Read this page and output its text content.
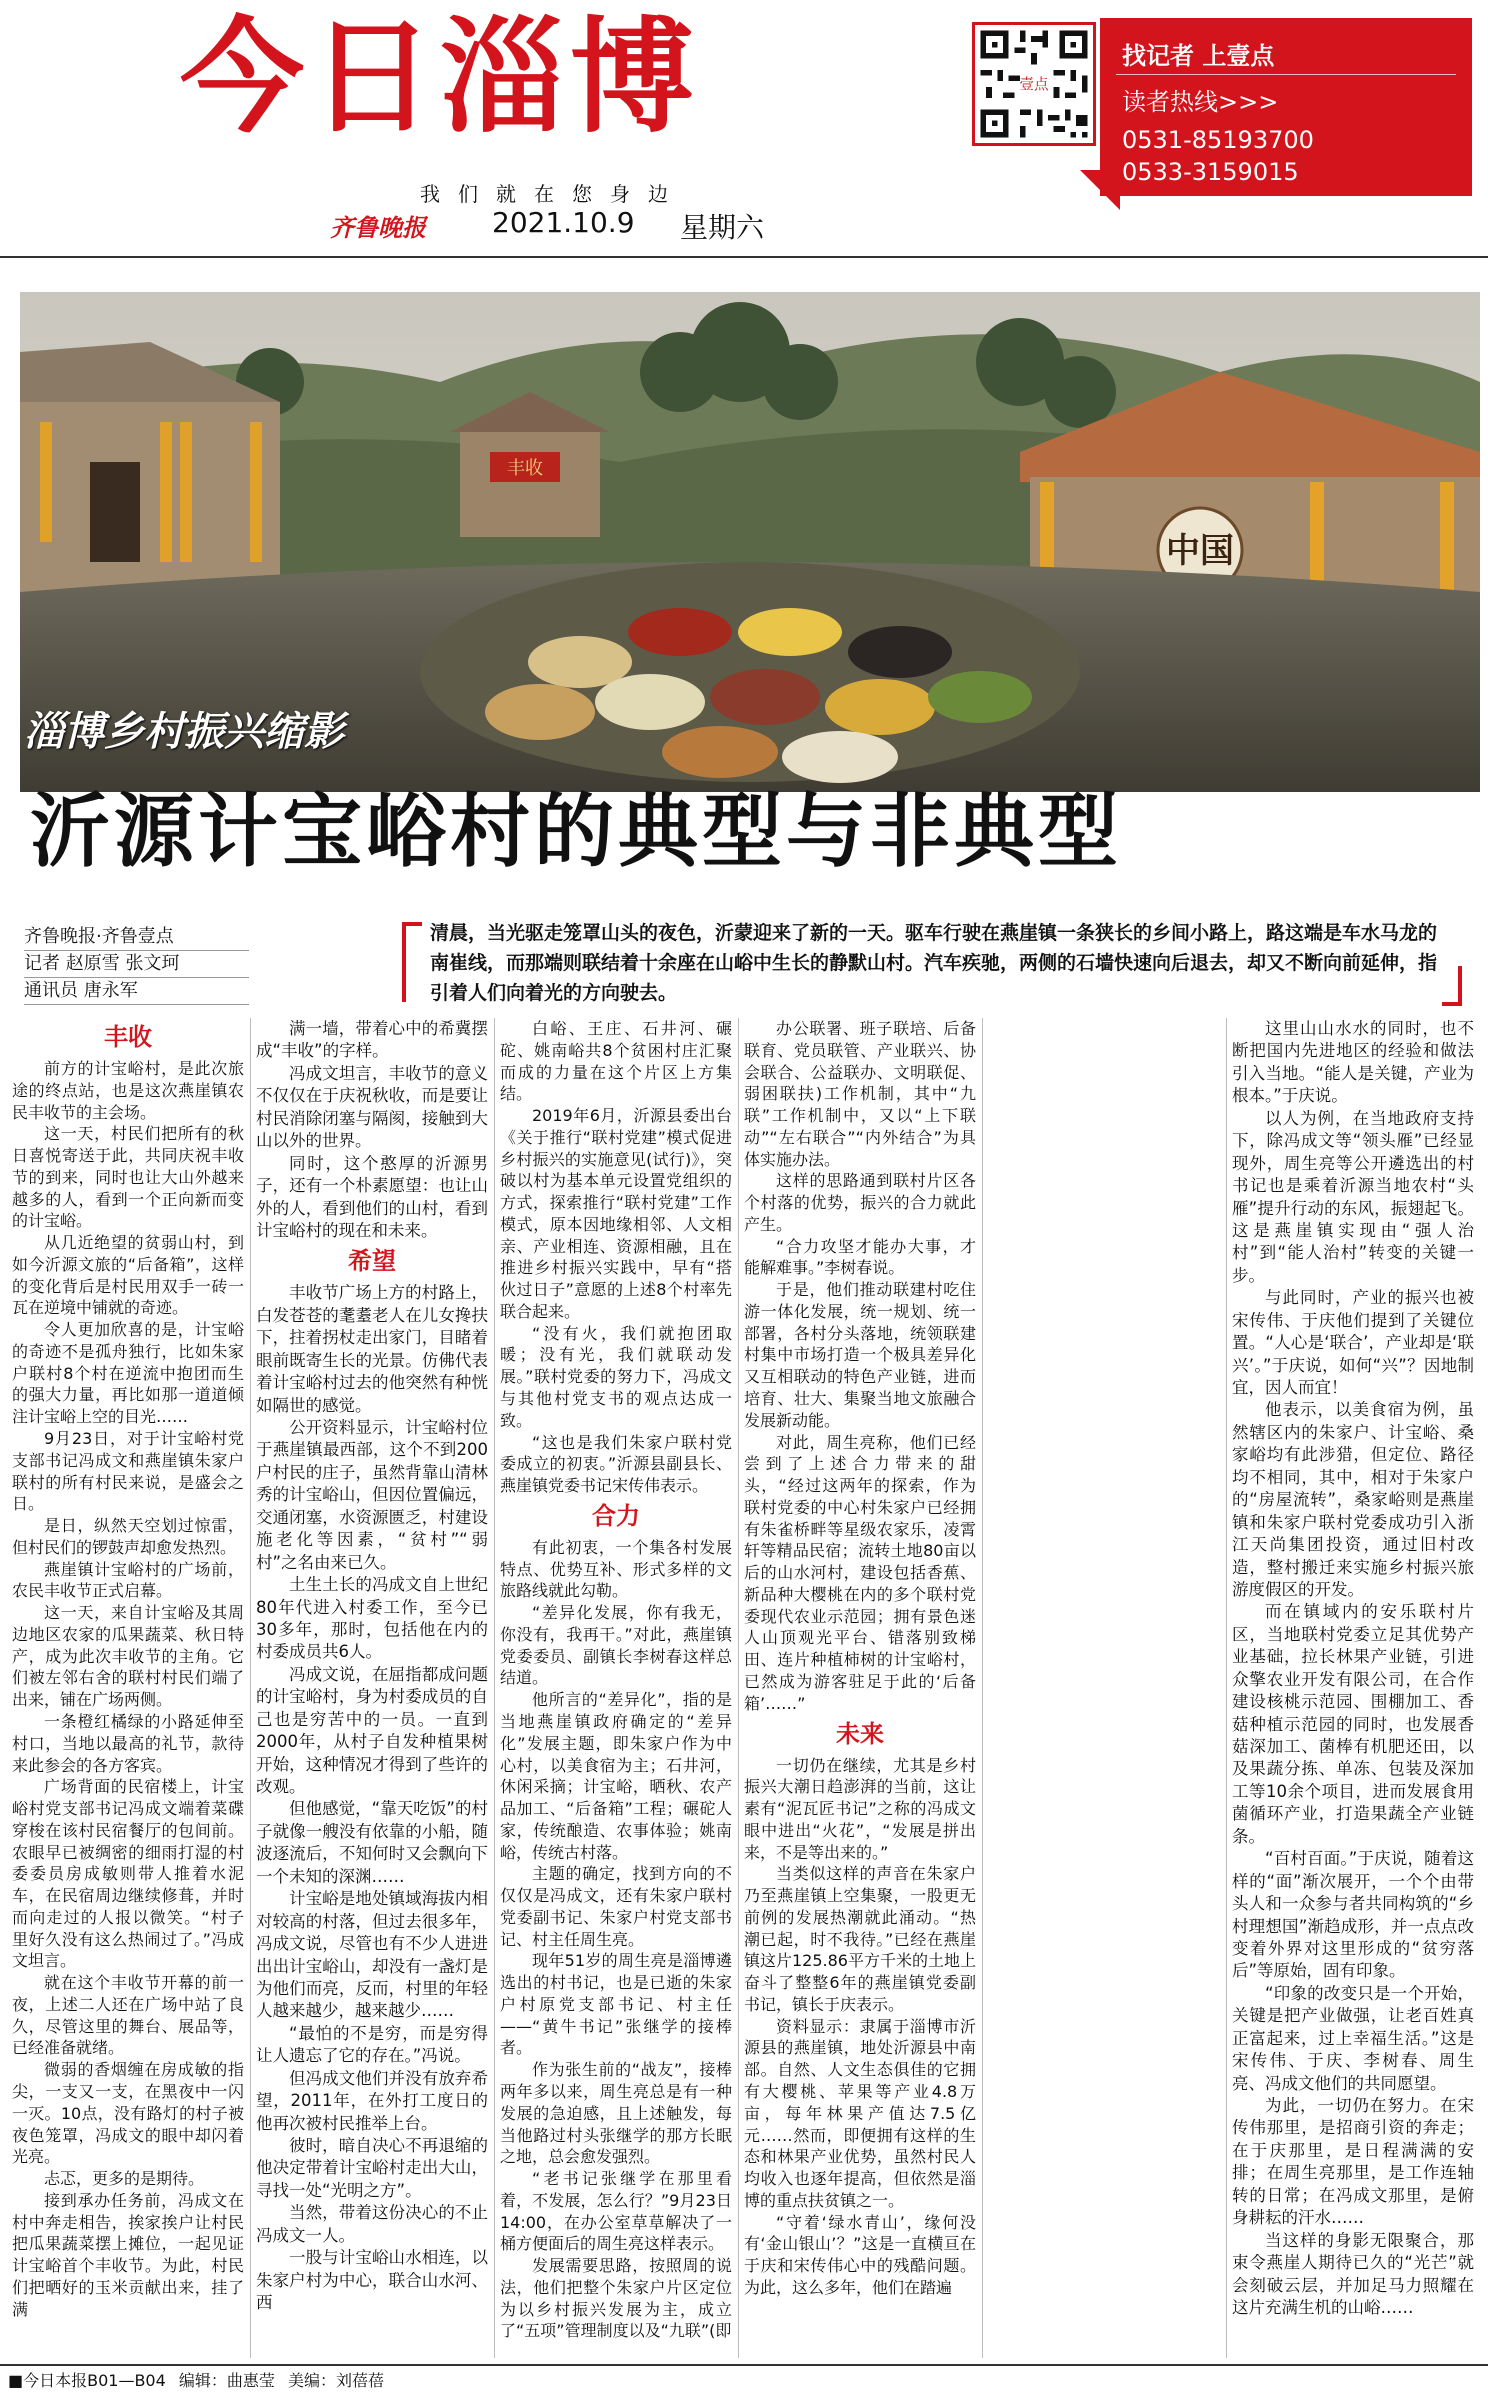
今日淄博
我们就在您身边
齐鲁晚报 2021.10.9 星期六
壹点
找记者 上壹点
读者热线>>>
0531-85193700
0533-3159015
中国
丰收
淄博乡村振兴缩影
沂源计宝峪村的典型与非典型
齐鲁晚报·齐鲁壹点
记者 赵原雪 张文珂
通讯员 唐永军

清晨，当光驱走笼罩山头的夜色，沂蒙迎来了新的一天。驱车行驶在燕崖镇一条狭长的乡间小路上，路这端是车水马龙的南崔线，而那端则联结着十余座在山峪中生长的静默山村。汽车疾驰，两侧的石墙快速向后退去，却又不断向前延伸，指引着人们向着光的方向驶去。

丰收

前方的计宝峪村，是此次旅途的终点站，也是这次燕崖镇农民丰收节的主会场。

这一天，村民们把所有的秋日喜悦寄送于此，共同庆祝丰收节的到来，同时也让大山外越来越多的人，看到一个正向新而变的计宝峪。

从几近绝望的贫弱山村，到如今沂源文旅的“后备箱”，这样的变化背后是村民用双手一砖一瓦在逆境中铺就的奇迹。

令人更加欣喜的是，计宝峪的奇迹不是孤舟独行，比如朱家户联村8个村在逆流中抱团而生的强大力量，再比如那一道道倾注计宝峪上空的目光……

9月23日，对于计宝峪村党支部书记冯成文和燕崖镇朱家户联村的所有村民来说，是盛会之日。

是日，纵然天空划过惊雷，但村民们的锣鼓声却愈发热烈。

燕崖镇计宝峪村的广场前，农民丰收节正式启幕。

这一天，来自计宝峪及其周边地区农家的瓜果蔬菜、秋日特产，成为此次丰收节的主角。它们被左邻右舍的联村村民们端了出来，铺在广场两侧。

一条橙红橘绿的小路延伸至村口，当地以最高的礼节，款待来此参会的各方客宾。

广场背面的民宿楼上，计宝峪村党支部书记冯成文端着菜碟穿梭在该村民宿餐厅的包间前。农眼早已被绸密的细雨打湿的村委委员房成敏则带人推着水泥车，在民宿周边继续修葺，并时而向走过的人报以微笑。“村子里好久没有这么热闹过了。”冯成文坦言。

就在这个丰收节开幕的前一夜，上述二人还在广场中站了良久，尽管这里的舞台、展品等，已经准备就绪。

微弱的香烟缠在房成敏的指尖，一支又一支，在黑夜中一闪一灭。10点，没有路灯的村子被夜色笼罩，冯成文的眼中却闪着光亮。

忐忑，更多的是期待。

接到承办任务前，冯成文在村中奔走相告，挨家挨户让村民把瓜果蔬菜摆上摊位，一起见证计宝峪首个丰收节。为此，村民们把晒好的玉米贡献出来，挂了满

满一墙，带着心中的希冀摆成“丰收”的字样。

冯成文坦言，丰收节的意义不仅仅在于庆祝秋收，而是要让村民消除闭塞与隔阂，接触到大山以外的世界。

同时，这个憨厚的沂源男子，还有一个朴素愿望：也让山外的人，看到他们的山村，看到计宝峪村的现在和未来。

希望

丰收节广场上方的村路上，白发苍苍的耄耋老人在儿女搀扶下，拄着拐杖走出家门，目睹着眼前既寄生长的光景。仿佛代表着计宝峪村过去的他突然有种恍如隔世的感觉。

公开资料显示，计宝峪村位于燕崖镇最西部，这个不到200户村民的庄子，虽然背靠山清林秀的计宝峪山，但因位置偏远，交通闭塞，水资源匮乏，村建设施老化等因素，“贫村”“弱村”之名由来已久。

土生土长的冯成文自上世纪80年代进入村委工作，至今已30多年，那时，包括他在内的村委成员共6人。

冯成文说，在屈指都成问题的计宝峪村，身为村委成员的自己也是穷苦中的一员。一直到2000年，从村子自发种植果树开始，这种情况才得到了些许的改观。

但他感觉，“靠天吃饭”的村子就像一艘没有依靠的小船，随波逐流后，不知何时又会飘向下一个未知的深渊……

计宝峪是地处镇域海拔内相对较高的村落，但过去很多年，冯成文说，尽管也有不少人进进出出计宝峪山，却没有一盏灯是为他们而亮，反而，村里的年轻人越来越少，越来越少……

“最怕的不是穷，而是穷得让人遗忘了它的存在。”冯说。

但冯成文他们并没有放弃希望，2011年，在外打工度日的他再次被村民推举上台。

彼时，暗自决心不再退缩的他决定带着计宝峪村走出大山，寻找一处“光明之方”。

当然，带着这份决心的不止冯成文一人。

一股与计宝峪山水相连，以朱家户村为中心，联合山水河、西

白峪、王庄、石井河、碾砣、姚南峪共8个贫困村庄汇聚而成的力量在这个片区上方集结。

2019年6月，沂源县委出台《关于推行“联村党建”模式促进乡村振兴的实施意见(试行)》，突破以村为基本单元设置党组织的方式，探索推行“联村党建”工作模式，原本因地缘相邻、人文相亲、产业相连、资源相融，且在推进乡村振兴实践中，早有“搭伙过日子”意愿的上述8个村率先联合起来。

“没有火，我们就抱团取暖；没有光，我们就联动发展。”联村党委的努力下，冯成文与其他村党支书的观点达成一致。

“这也是我们朱家户联村党委成立的初衷。”沂源县副县长、燕崖镇党委书记宋传伟表示。

合力

有此初衷，一个集各村发展特点、优势互补、形式多样的文旅路线就此勾勒。

“差异化发展，你有我无，你没有，我再干。”对此，燕崖镇党委委员、副镇长李树春这样总结道。

他所言的“差异化”，指的是当地燕崖镇政府确定的“差异化”发展主题，即朱家户作为中心村，以美食宿为主；石井河，休闲采摘；计宝峪，晒秋、农产品加工、“后备箱”工程；碾砣人家，传统酿造、农事体验；姚南峪，传统古村落。

主题的确定，找到方向的不仅仅是冯成文，还有朱家户联村党委副书记、朱家户村党支部书记、村主任周生亮。

现年51岁的周生亮是淄博遴选出的村书记，也是已逝的朱家户村原党支部书记、村主任——“黄牛书记”张继学的接棒者。

作为张生前的“战友”，接棒两年多以来，周生亮总是有一种发展的急迫感，且上述触发，每当他路过村头张继学的那方长眠之地，总会愈发强烈。

“老书记张继学在那里看着，不发展，怎么行？”9月23日14:00，在办公室草草解决了一桶方便面后的周生亮这样表示。

发展需要思路，按照周的说法，他们把整个朱家户片区定位为以乡村振兴发展为主，成立了“五项”管理制度以及“九联”(即

办公联署、班子联培、后备联育、党员联管、产业联兴、协会联合、公益联办、文明联促、弱困联扶)工作机制，其中“九联”工作机制中，又以“上下联动”“左右联合”“内外结合”为具体实施办法。

这样的思路通到联村片区各个村落的优势，振兴的合力就此产生。

“合力攻坚才能办大事，才能解难事。”李树春说。

于是，他们推动联建村吃住游一体化发展，统一规划、统一部署，各村分头落地，统领联建村集中市场打造一个极具差异化又互相联动的特色产业链，进而培育、壮大、集聚当地文旅融合发展新动能。

对此，周生亮称，他们已经尝到了上述合力带来的甜头，“经过这两年的探索，作为联村党委的中心村朱家户已经拥有朱雀桥畔等星级农家乐，凌霄轩等精品民宿；流转土地80亩以后的山水河村，建设包括香蕉、新品种大樱桃在内的多个联村党委现代农业示范园；拥有景色迷人山顶观光平台、错落别致梯田、连片种植柿树的计宝峪村，已然成为游客驻足于此的‘后备箱’……”

未来

一切仍在继续，尤其是乡村振兴大潮日趋澎湃的当前，这让素有“泥瓦匠书记”之称的冯成文眼中进出“火花”，“发展是拼出来，不是等出来的。”

当类似这样的声音在朱家户乃至燕崖镇上空集聚，一股更无前例的发展热潮就此涌动。“热潮已起，时不我待。”已经在燕崖镇这片125.86平方千米的土地上奋斗了整整6年的燕崖镇党委副书记，镇长于庆表示。

资料显示：隶属于淄博市沂源县的燕崖镇，地处沂源县中南部。自然、人文生态俱佳的它拥有大樱桃、苹果等产业4.8万亩，每年林果产值达7.5亿元……然而，即便拥有这样的生态和林果产业优势，虽然村民人均收入也逐年提高，但依然是淄博的重点扶贫镇之一。

“守着‘绿水青山’，缘何没有‘金山银山’？”这是一直横亘在于庆和宋传伟心中的残酷问题。为此，这么多年，他们在踏遍

这里山山水水的同时，也不断把国内先进地区的经验和做法引入当地。“能人是关键，产业为根本。”于庆说。

以人为例，在当地政府支持下，除冯成文等“领头雁”已经显现外，周生亮等公开遴选出的村书记也是乘着沂源当地农村“头雁”提升行动的东风，振翅起飞。这是燕崖镇实现由“强人治村”到“能人治村”转变的关键一步。

与此同时，产业的振兴也被宋传伟、于庆他们提到了关键位置。“人心是‘联合’，产业却是‘联兴’。”于庆说，如何“兴”？因地制宜，因人而宜！

他表示，以美食宿为例，虽然辖区内的朱家户、计宝峪、桑家峪均有此涉猎，但定位、路径均不相同，其中，相对于朱家户的“房屋流转”，桑家峪则是燕崖镇和朱家户联村党委成功引入浙江天尚集团投资，通过旧村改造，整村搬迁来实施乡村振兴旅游度假区的开发。

而在镇域内的安乐联村片区，当地联村党委立足其优势产业基础，拉长林果产业链，引进众擎农业开发有限公司，在合作建设核桃示范园、围棚加工、香菇种植示范园的同时，也发展香菇深加工、菌棒有机肥还田，以及果蔬分拣、单冻、包装及深加工等10余个项目，进而发展食用菌循环产业，打造果蔬全产业链条。

“百村百面。”于庆说，随着这样的“面”渐次展开，一个个由带头人和一众参与者共同构筑的“乡村理想国”渐趋成形，并一点点改变着外界对这里形成的“贫穷落后”等原始，固有印象。

“印象的改变只是一个开始，关键是把产业做强，让老百姓真正富起来，过上幸福生活。”这是宋传伟、于庆、李树春、周生亮、冯成文他们的共同愿望。

为此，一切仍在努力。在宋传伟那里，是招商引资的奔走；在于庆那里，是日程满满的安排；在周生亮那里，是工作连轴转的日常；在冯成文那里，是俯身耕耘的汗水……

当这样的身影无限聚合，那束令燕崖人期待已久的“光芒”就会刻破云层，并加足马力照耀在这片充满生机的山峪……

■今日本报B01—B04 编辑：曲惠莹 美编：刘蓓蓓
